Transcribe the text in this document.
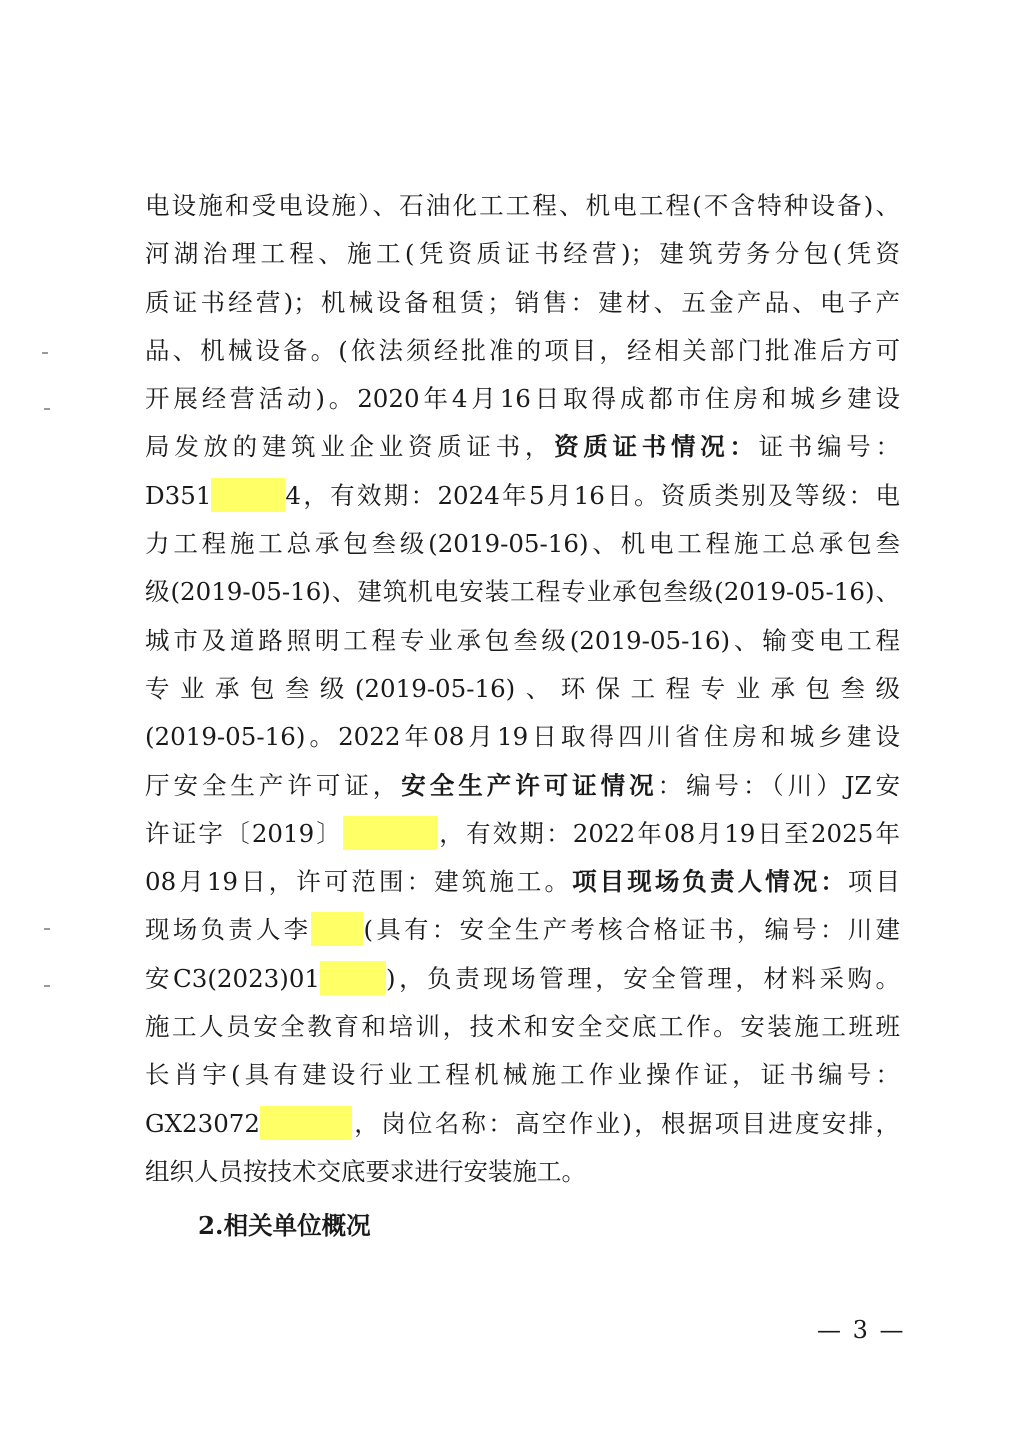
电设施和受电设施）、石油化工工程、机电工程(不含特种设备)、
河湖治理工程、施工(凭资质证书经营)；建筑劳务分包(凭资
质证书经营)；机械设备租赁；销售：建材、五金产品、电子产
品、机械设备。(依法须经批准的项目，经相关部门批准后方可
开展经营活动)。2020年4月16日取得成都市住房和城乡建设
局发放的建筑业企业资质证书，资质证书情况：证书编号：
D351	4，有效期：2024年5月16日。资质类别及等级：电
力工程施工总承包叁级(2019-05-16)、机电工程施工总承包叁
级(2019-05-16)、建筑机电安装工程专业承包叁级(2019-05-16)、
城市及道路照明工程专业承包叁级(2019-05-16)、输变电工程
专业承包叁级(2019-05-16)、环保工程专业承包叁级
(2019-05-16)。2022年08月19日取得四川省住房和城乡建设
厅安全生产许可证，安全生产许可证情况：编号：（川）JZ安
许证字〔2019〕	，有效期：2022年08月19日至2025年
08月19日，许可范围：建筑施工。项目现场负责人情况：项目
现场负责人李 (具有：安全生产考核合格证书，编号：川建
安C3(2023)01	)，负责现场管理，安全管理，材料采购。
施工人员安全教育和培训，技术和安全交底工作。安装施工班班
长肖宇(具有建设行业工程机械施工作业操作证，证书编号：
GX23072	，岗位名称：高空作业)，根据项目进度安排，
组织人员按技术交底要求进行安装施工。
2.相关单位概况
— 3 —
